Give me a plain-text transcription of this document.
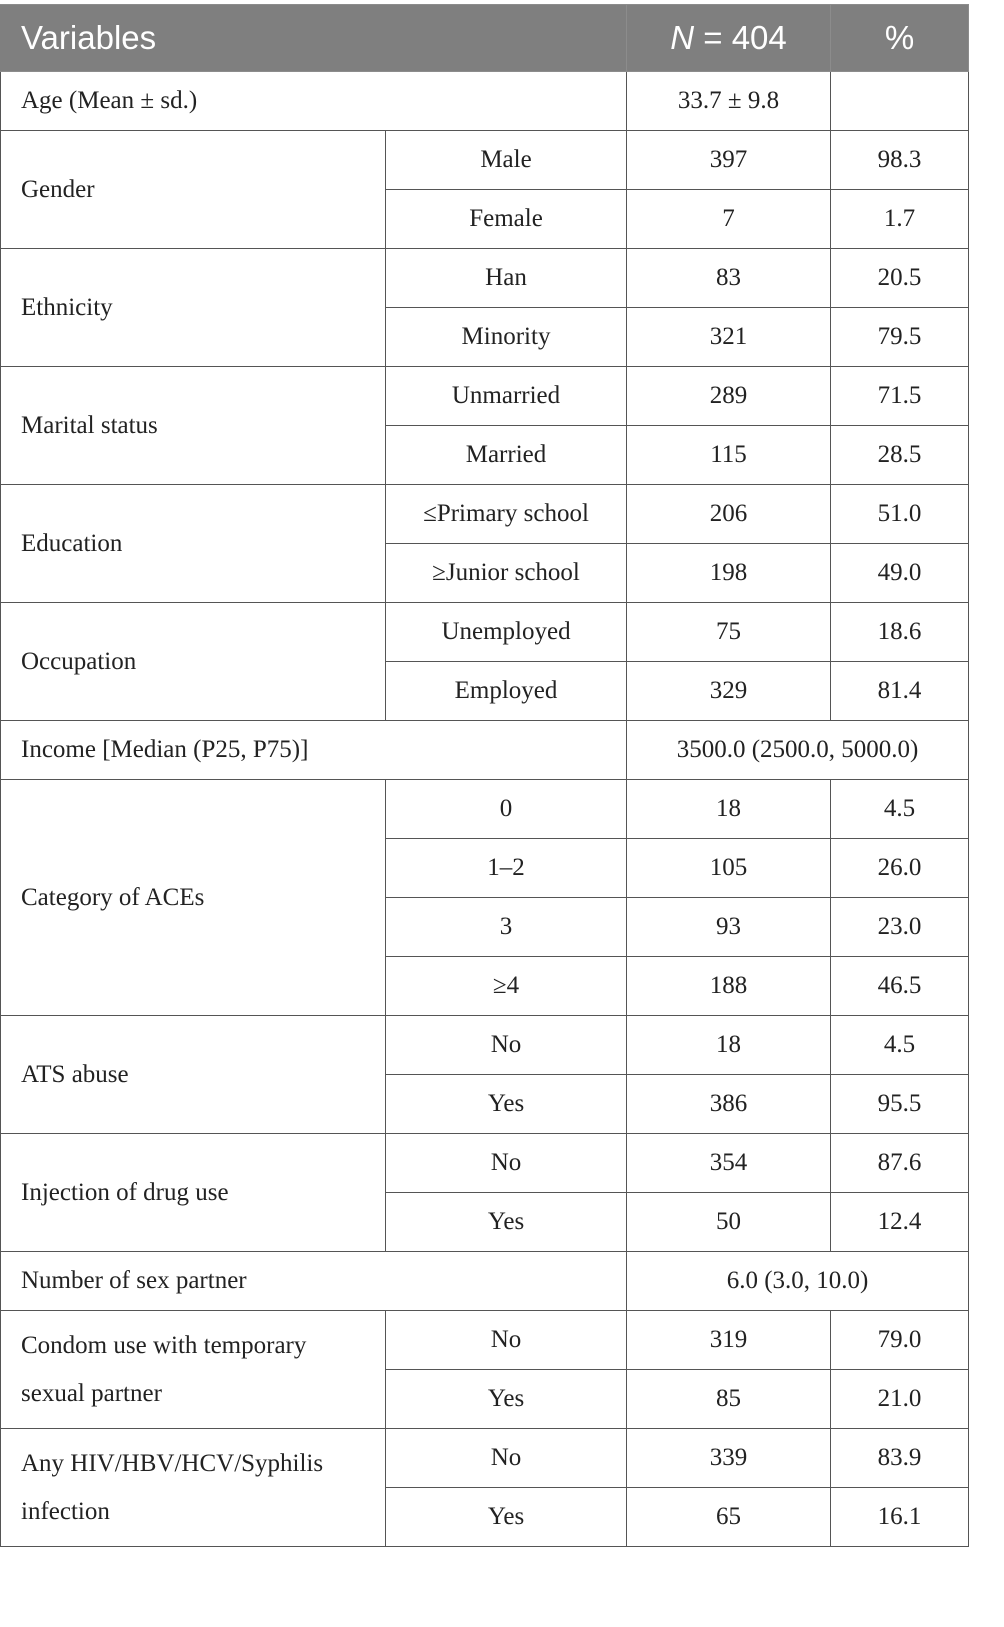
Variables		N = 404	%
Age (Mean ± sd.)		33.7 ± 9.8	
Gender	Male	397	98.3
	Female	7	1.7
Ethnicity	Han	83	20.5
	Minority	321	79.5
Marital status	Unmarried	289	71.5
	Married	115	28.5
Education	≤Primary school	206	51.0
	≥Junior school	198	49.0
Occupation	Unemployed	75	18.6
	Employed	329	81.4
Income [Median (P25, P75)]		3500.0 (2500.0, 5000.0)	
Category of ACEs	0	18	4.5
	1–2	105	26.0
	3	93	23.0
	≥4	188	46.5
ATS abuse	No	18	4.5
	Yes	386	95.5
Injection of drug use	No	354	87.6
	Yes	50	12.4
Number of sex partner		6.0 (3.0, 10.0)	
Condom use with temporary
sexual partner	No	319	79.0
	Yes	85	21.0
Any HIV/HBV/HCV/Syphilis
infection	No	339	83.9
	Yes	65	16.1
